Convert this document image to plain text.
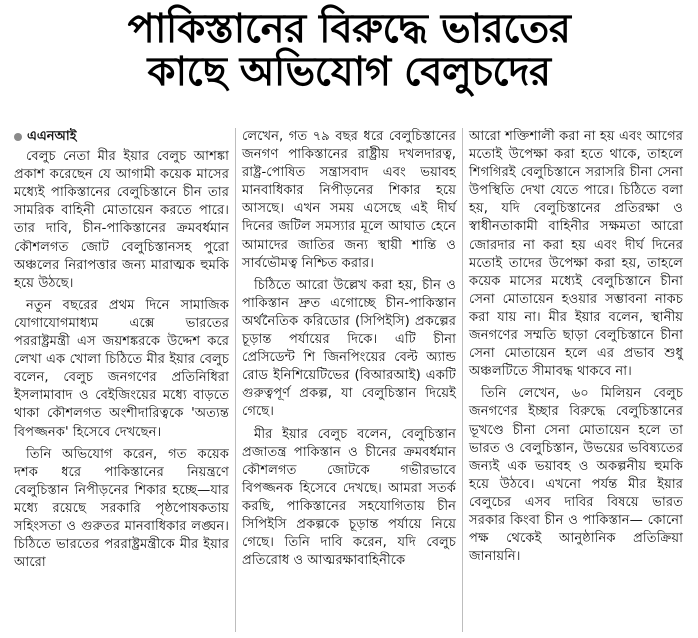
পাকিস্তানের বিরুদ্ধে ভারতের
কাছে অভিযোগ বেলুচদের
এএনআই

বেলুচ নেতা মীর ইয়ার বেলুচ আশঙ্কা প্রকাশ করেছেন যে আগামী কয়েক মাসের মধ্যেই পাকিস্তানের বেলুচিস্তানে চীন তার সামরিক বাহিনী মোতায়েন করতে পারে। তার দাবি, চীন-পাকিস্তানের ক্রমবর্ধমান কৌশলগত জোট বেলুচিস্তানসহ পুরো অঞ্চলের নিরাপত্তার জন্য মারাত্মক হুমকি হয়ে উঠছে।

নতুন বছরের প্রথম দিনে সামাজিক যোগাযোগমাধ্যম এক্সে ভারতের পররাষ্ট্রমন্ত্রী এস জয়শঙ্করকে উদ্দেশ করে লেখা এক খোলা চিঠিতে মীর ইয়ার বেলুচ বলেন, বেলুচ জনগণের প্রতিনিধিরা ইসলামাবাদ ও বেইজিংয়ের মধ্যে বাড়তে থাকা কৌশলগত অংশীদারিত্বকে 'অত্যন্ত বিপজ্জনক' হিসেবে দেখছেন।

তিনি অভিযোগ করেন, গত কয়েক দশক ধরে পাকিস্তানের নিয়ন্ত্রণে বেলুচিস্তান নিপীড়নের শিকার হচ্ছে—যার মধ্যে রয়েছে সরকারি পৃষ্ঠপোষকতায় সহিংসতা ও গুরুতর মানবাধিকার লঙ্ঘন। চিঠিতে ভারতের পররাষ্ট্রমন্ত্রীকে মীর ইয়ার আরো

লেখেন, গত ৭৯ বছর ধরে বেলুচিস্তানের জনগণ পাকিস্তানের রাষ্ট্রীয় দখলদারত্ব, রাষ্ট্র-পোষিত সন্ত্রাসবাদ এবং ভয়াবহ মানবাধিকার নিপীড়নের শিকার হয়ে আসছে। এখন সময় এসেছে এই দীর্ঘ দিনের জটিল সমস্যার মূলে আঘাত হেনে আমাদের জাতির জন্য স্থায়ী শান্তি ও সার্বভৌমত্ব নিশ্চিত করার।

চিঠিতে আরো উল্লেখ করা হয়, চীন ও পাকিস্তান দ্রুত এগোচ্ছে চীন-পাকিস্তান অর্থনৈতিক করিডোর (সিপিইসি) প্রকল্পের চূড়ান্ত পর্যায়ের দিকে। এটি চীনা প্রেসিডেন্ট শি জিনপিংয়ের বেল্ট অ্যান্ড রোড ইনিশিয়েটিভের (বিআরআই) একটি গুরুত্বপূর্ণ প্রকল্প, যা বেলুচিস্তান দিয়েই গেছে।

মীর ইয়ার বেলুচ বলেন, বেলুচিস্তান প্রজাতন্ত্র পাকিস্তান ও চীনের ক্রমবর্ধমান কৌশলগত জোটকে গভীরভাবে বিপজ্জনক হিসেবে দেখছে। আমরা সতর্ক করছি, পাকিস্তানের সহযোগিতায় চীন সিপিইসি প্রকল্পকে চূড়ান্ত পর্যায়ে নিয়ে গেছে। তিনি দাবি করেন, যদি বেলুচ প্রতিরোধ ও আত্মরক্ষাবাহিনীকে

আরো শক্তিশালী করা না হয় এবং আগের মতোই উপেক্ষা করা হতে থাকে, তাহলে শিগগিরই বেলুচিস্তানে সরাসরি চীনা সেনা উপস্থিতি দেখা যেতে পারে। চিঠিতে বলা হয়, যদি বেলুচিস্তানের প্রতিরক্ষা ও স্বাধীনতাকামী বাহিনীর সক্ষমতা আরো জোরদার না করা হয় এবং দীর্ঘ দিনের মতোই তাদের উপেক্ষা করা হয়, তাহলে কয়েক মাসের মধ্যেই বেলুচিস্তানে চীনা সেনা মোতায়েন হওয়ার সম্ভাবনা নাকচ করা যায় না। মীর ইয়ার বলেন, স্থানীয় জনগণের সম্মতি ছাড়া বেলুচিস্তানে চীনা সেনা মোতায়েন হলে এর প্রভাব শুধু অঞ্চলটিতে সীমাবদ্ধ থাকবে না।

তিনি লেখেন, ৬০ মিলিয়ন বেলুচ জনগণের ইচ্ছার বিরুদ্ধে বেলুচিস্তানের ভূখণ্ডে চীনা সেনা মোতায়েন হলে তা ভারত ও বেলুচিস্তান, উভয়ের ভবিষ্যতের জন্যই এক ভয়াবহ ও অকল্পনীয় হুমকি হয়ে উঠবে। এখনো পর্যন্ত মীর ইয়ার বেলুচের এসব দাবির বিষয়ে ভারত সরকার কিংবা চীন ও পাকিস্তান— কোনো পক্ষ থেকেই আনুষ্ঠানিক প্রতিক্রিয়া জানায়নি।
